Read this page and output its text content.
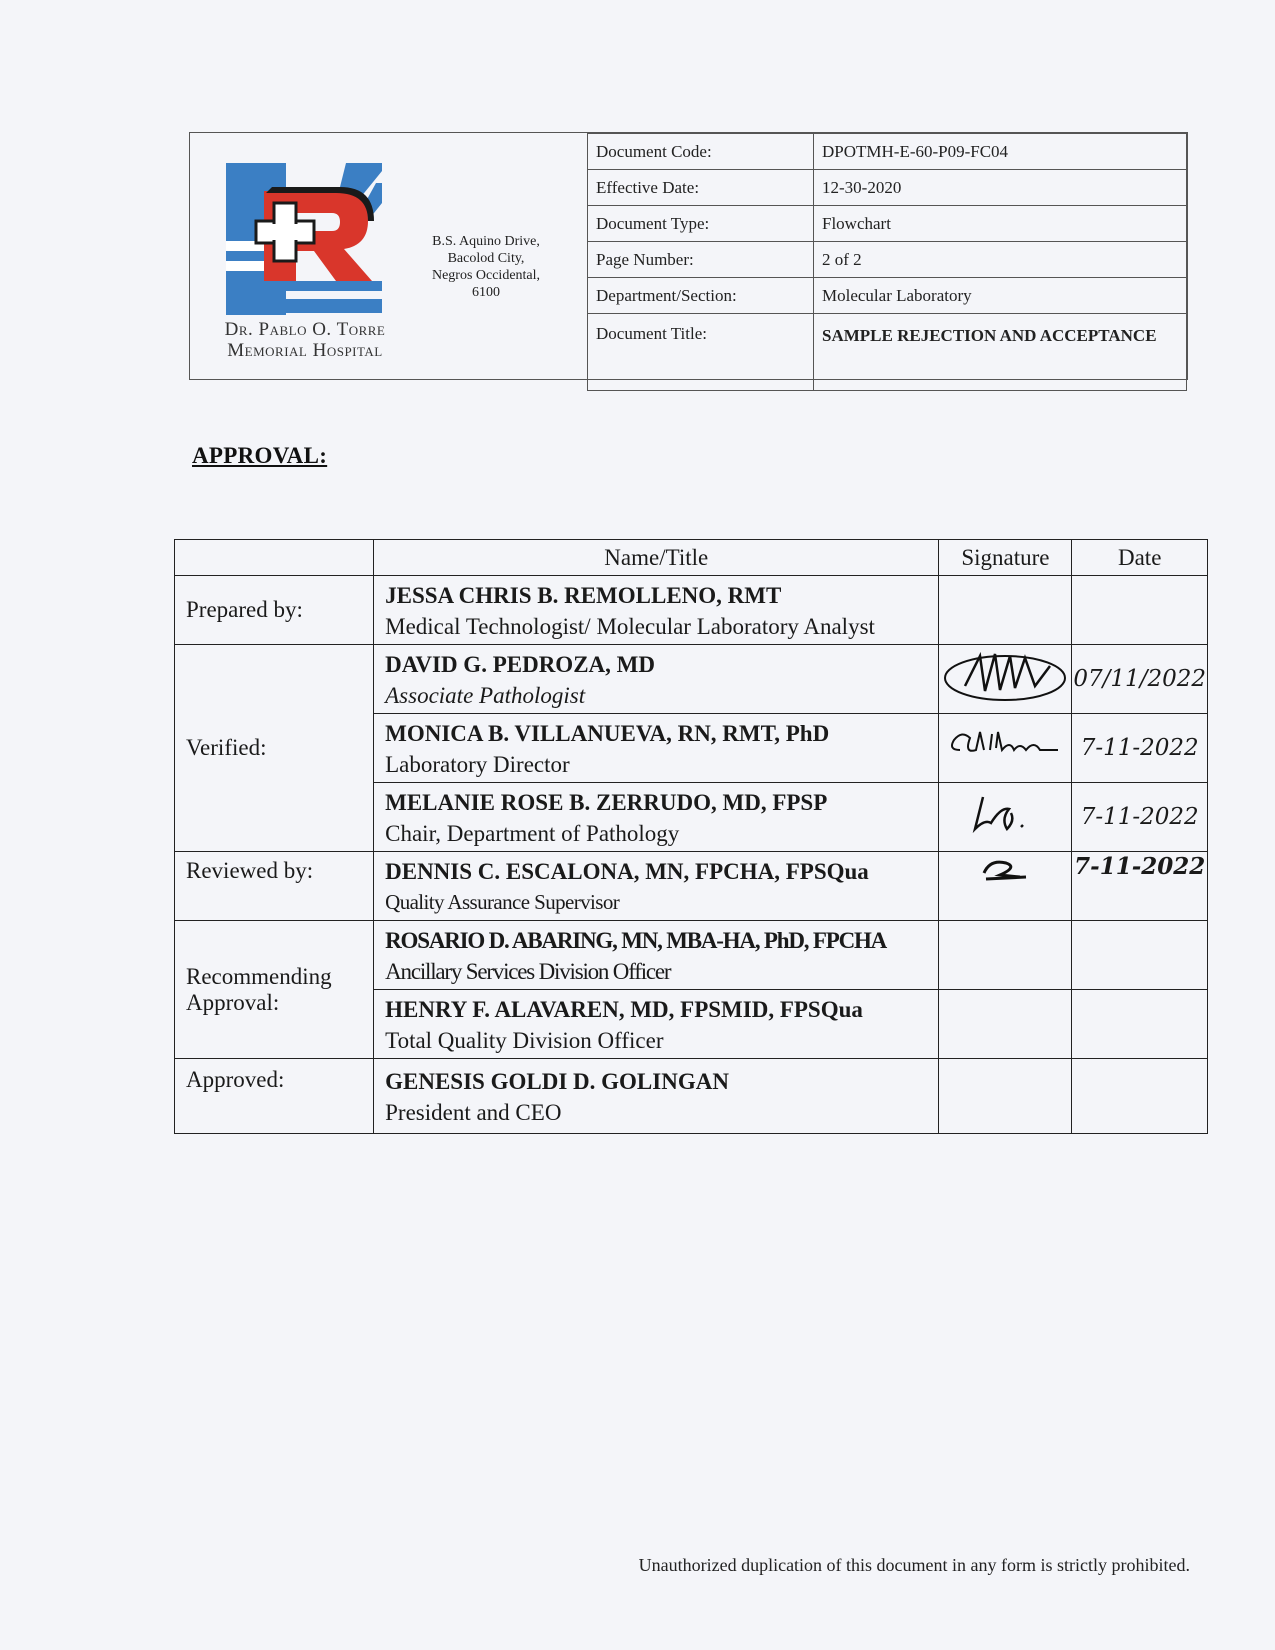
Dr. Pablo O. Torre
Memorial Hospital
B.S. Aquino Drive,
Bacolod City,
Negros Occidental,
6100
Document Code:	DPOTMH-E-60-P09-FC04
Effective Date:	12-30-2020
Document Type:	Flowchart
Page Number:	2 of 2
Department/Section:	Molecular Laboratory
Document Title:	SAMPLE REJECTION AND ACCEPTANCE
APPROVAL:
	Name/Title	Signature	Date
Prepared by:	JESSA CHRIS B. REMOLLENO, RMT
Medical Technologist/ Molecular Laboratory Analyst		

Verified:	DAVID G. PEDROZA, MD
Associate Pathologist		07/11/2022

	MONICA B. VILLANUEVA, RN, RMT, PhD
Laboratory Director		7-11-2022

	MELANIE ROSE B. ZERRUDO, MD, FPSP
Chair, Department of Pathology		7-11-2022
Reviewed by:	DENNIS C. ESCALONA, MN, FPCHA, FPSQua
Quality Assurance Supervisor		7-11-2022
Recommending Approval:	ROSARIO D. ABARING, MN, MBA-HA, PhD, FPCHA
Ancillary Services Division Officer		

	HENRY F. ALAVAREN, MD, FPSMID, FPSQua
Total Quality Division Officer		

Approved:	GENESIS GOLDI D. GOLINGAN
President and CEO		

Unauthorized duplication of this document in any form is strictly prohibited.
